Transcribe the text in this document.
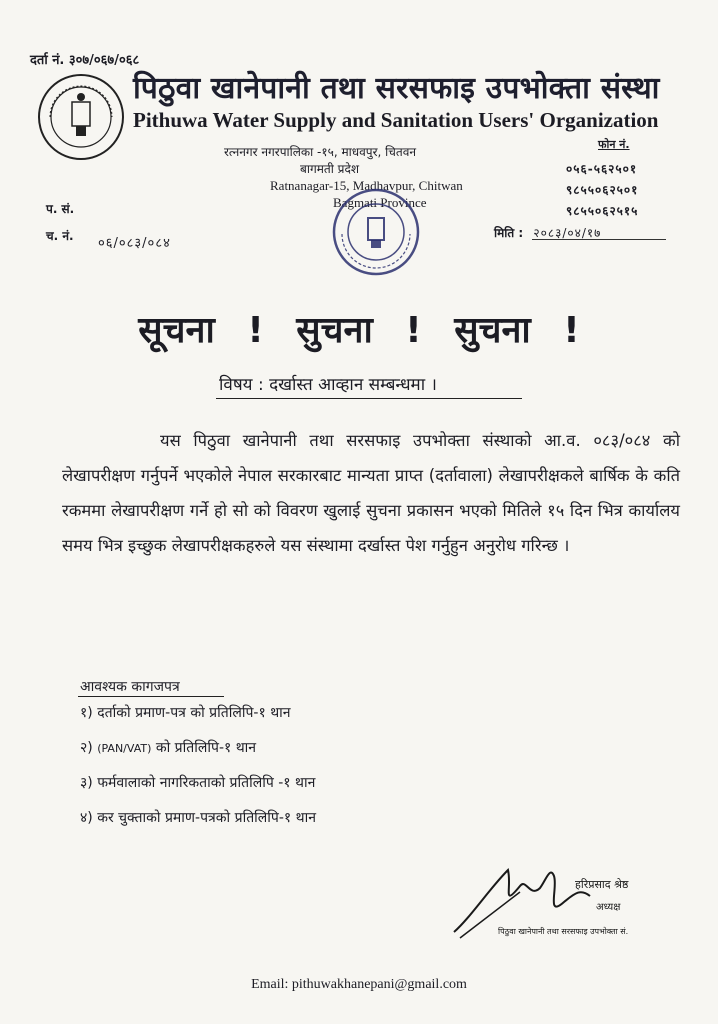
दर्ता नं. ३०७/०६७/०६८
पिठुवा खानेपानी तथा सरसफाइ उपभोक्ता संस्था
Pithuwa Water Supply and Sanitation Users' Organization
रत्ननगर नगरपालिका -१५, माधवपुर, चितवन
बागमती प्रदेश
Ratnanagar-15, Madhavpur, Chitwan
Bagmati Province
फोन नं.
०५६-५६२५०१
९८५५०६२५०१
९८५५०६२५१५
प. सं.
च. नं. ०६/०८३/०८४
मिति : २०८३/०४/१७
सूचना ! सुचना ! सुचना !
विषय : दर्खास्त आव्हान सम्बन्धमा ।
यस पिठुवा खानेपानी तथा सरसफाइ उपभोक्ता संस्थाको आ.व. ०८३/०८४ को लेखापरीक्षण गर्नुपर्ने भएकोले नेपाल सरकारबाट मान्यता प्राप्त (दर्तावाला) लेखापरीक्षकले बार्षिक के कति रकममा लेखापरीक्षण गर्ने हो सो को विवरण खुलाई सुचना प्रकासन भएको मितिले १५ दिन भित्र कार्यालय समय भित्र इच्छुक लेखापरीक्षकहरुले यस संस्थामा दर्खास्त पेश गर्नुहुन अनुरोध गरिन्छ ।
आवश्यक कागजपत्र
१) दर्ताको प्रमाण-पत्र को प्रतिलिपि-१ थान
२) (PAN/VAT) को प्रतिलिपि-१ थान
३) फर्मवालाको नागरिकताको प्रतिलिपि -१ थान
४) कर चुक्ताको प्रमाण-पत्रको प्रतिलिपि-१ थान
हरिप्रसाद श्रेष्ठ
अध्यक्ष
पिठुवा खानेपानी तथा सरसफाइ उपभोक्ता सं.
Email: pithuwakhanepani@gmail.com
